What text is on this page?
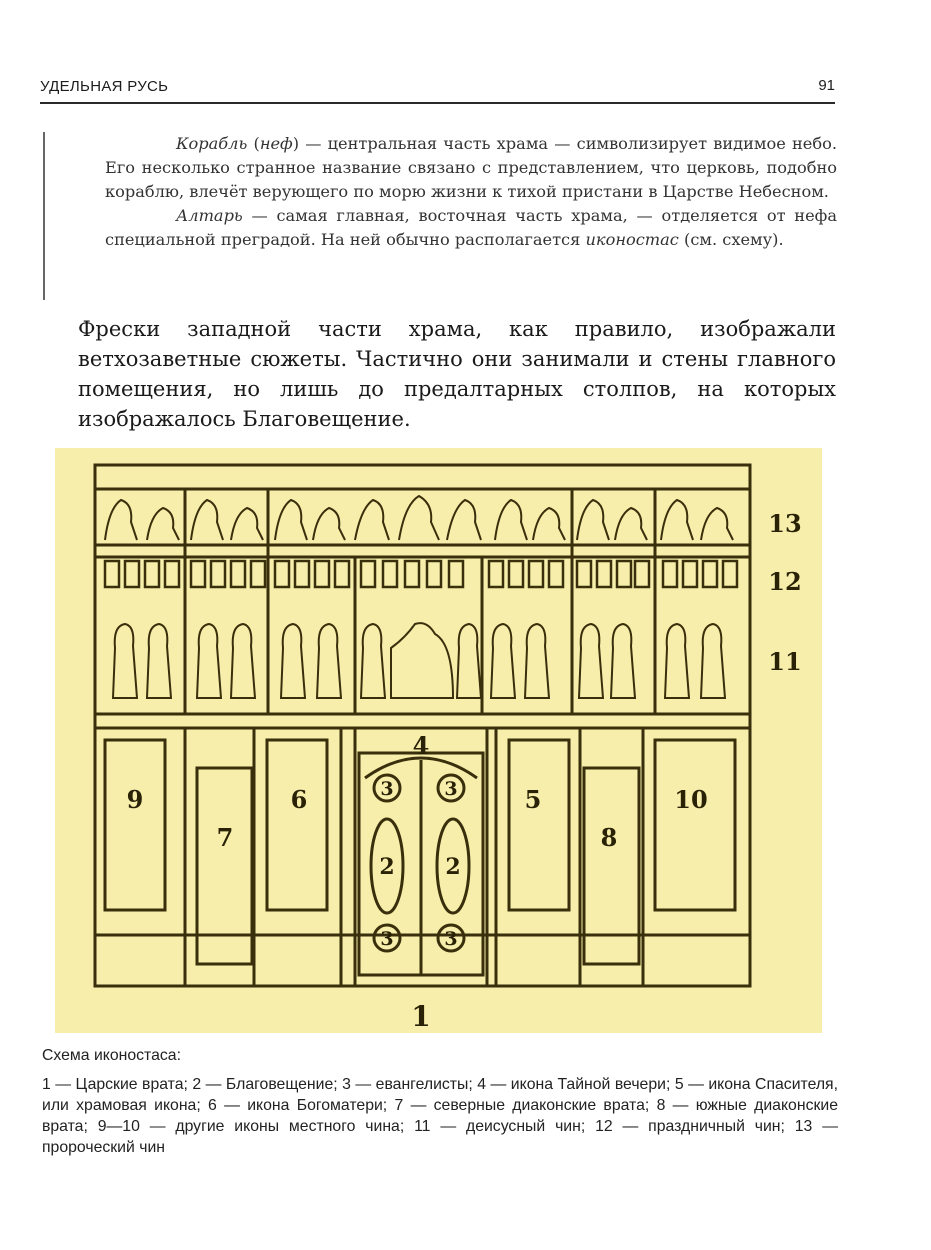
УДЕЛЬНАЯ РУСЬ	91

Корабль (неф) — центральная часть храма — символизирует видимое небо. Его несколько странное название связано с представлением, что церковь, подобно кораблю, влечёт верующего по морю жизни к тихой пристани в Царстве Небесном.

Алтарь — самая главная, восточная часть храма, — отделяется от нефа специальной преградой. На ней обычно располагается иконостас (см. схему).

Фрески западной части храма, как правило, изображали ветхозаветные сюжеты. Частично они занимали и стены главного помещения, но лишь до предалтарных столпов, на которых изображалось Благовещение.

13
12
11
4
9
7
6	5
8
10
3	3
3	3
2 2
1

Схема иконостаса:

1 — Царские врата; 2 — Благовещение; 3 — евангелисты; 4 — икона Тайной вечери; 5 — икона Спасителя, или храмовая икона; 6 — икона Богоматери; 7 — северные диаконские врата; 8 — южные диаконские врата; 9—10 — другие иконы местного чина; 11 — деисусный чин; 12 — праздничный чин; 13 — пророческий чин
